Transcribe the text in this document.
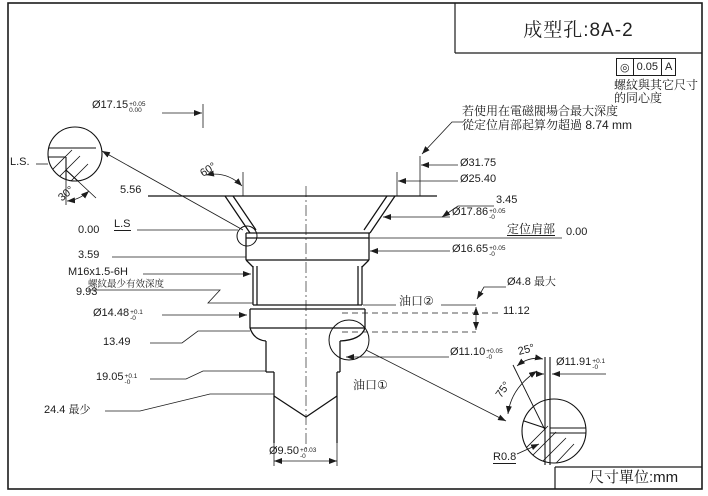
成型孔:8A-2
◎ 0.05 A
螺紋與其它尺寸
的同心度
若使用在電磁閥場合最大深度
從定位肩部起算勿超過 8.74 mm
Ø17.15 +0.05
0.00
L.S.
30°	5.56
60°
0.00 L.S
3.59
M16x1.5-6H
螺紋最少有效深度
9.93
Ø14.48 +0.1
-0
13.49
19.05 +0.1
-0
24.4 最少
Ø9.50 +0.03
-0
Ø31.75
Ø25.40
3.45
Ø17.86 +0.05
-0
定位肩部 0.00
Ø16.65 +0.05
-0
Ø4.8 最大
油口②
11.12
Ø11.10 +0.05
-0	25°
Ø11.91 +0.1
-0
75°
油口①
R0.8
尺寸單位:mm
